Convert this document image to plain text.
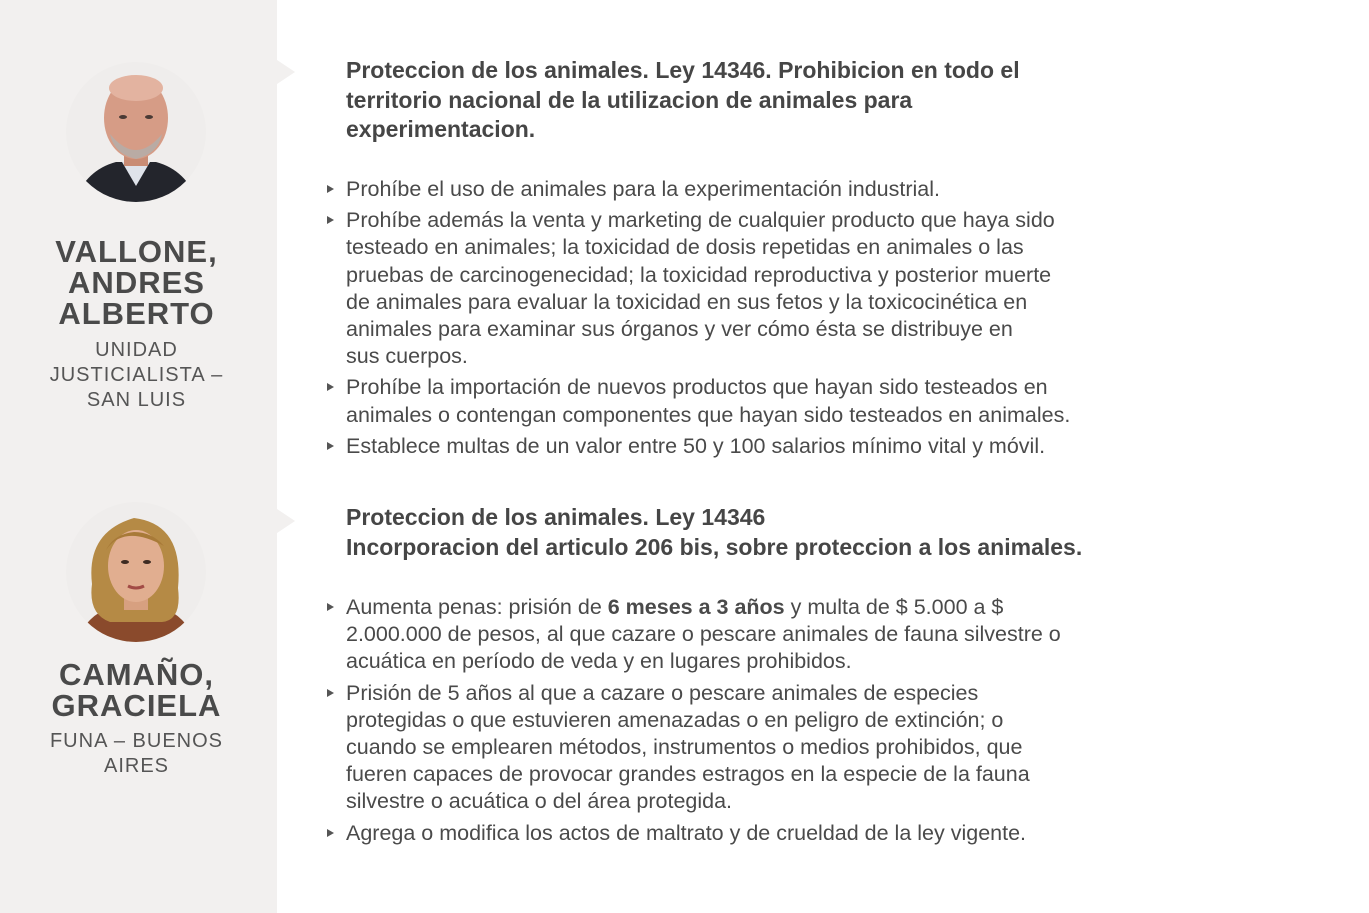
VALLONE,
ANDRES
ALBERTO

UNIDAD
JUSTICIALISTA –
SAN LUIS

Proteccion de los animales. Ley 14346. Prohibicion en todo el
territorio nacional de la utilizacion de animales para
experimentacion.
Prohíbe el uso de animales para la experimentación industrial.
Prohíbe además la venta y marketing de cualquier producto que haya sido
testeado en animales; la toxicidad de dosis repetidas en animales o las
pruebas de carcinogenecidad; la toxicidad reproductiva y posterior muerte
de animales para evaluar la toxicidad en sus fetos y la toxicocinética en
animales para examinar sus órganos y ver cómo ésta se distribuye en
sus cuerpos.
Prohíbe la importación de nuevos productos que hayan sido testeados en
animales o contengan componentes que hayan sido testeados en animales.
Establece multas de un valor entre 50 y 100 salarios mínimo vital y móvil.
CAMAÑO,
GRACIELA

FUNA – BUENOS
AIRES

Proteccion de los animales. Ley 14346
Incorporacion del articulo 206 bis, sobre proteccion a los animales.
Aumenta penas: prisión de 6 meses a 3 años y multa de $ 5.000 a $
2.000.000 de pesos, al que cazare o pescare animales de fauna silvestre o
acuática en período de veda y en lugares prohibidos.
Prisión de 5 años al que a cazare o pescare animales de especies
protegidas o que estuvieren amenazadas o en peligro de extinción; o
cuando se emplearen métodos, instrumentos o medios prohibidos, que
fueren capaces de provocar grandes estragos en la especie de la fauna
silvestre o acuática o del área protegida.
Agrega o modifica los actos de maltrato y de crueldad de la ley vigente.
